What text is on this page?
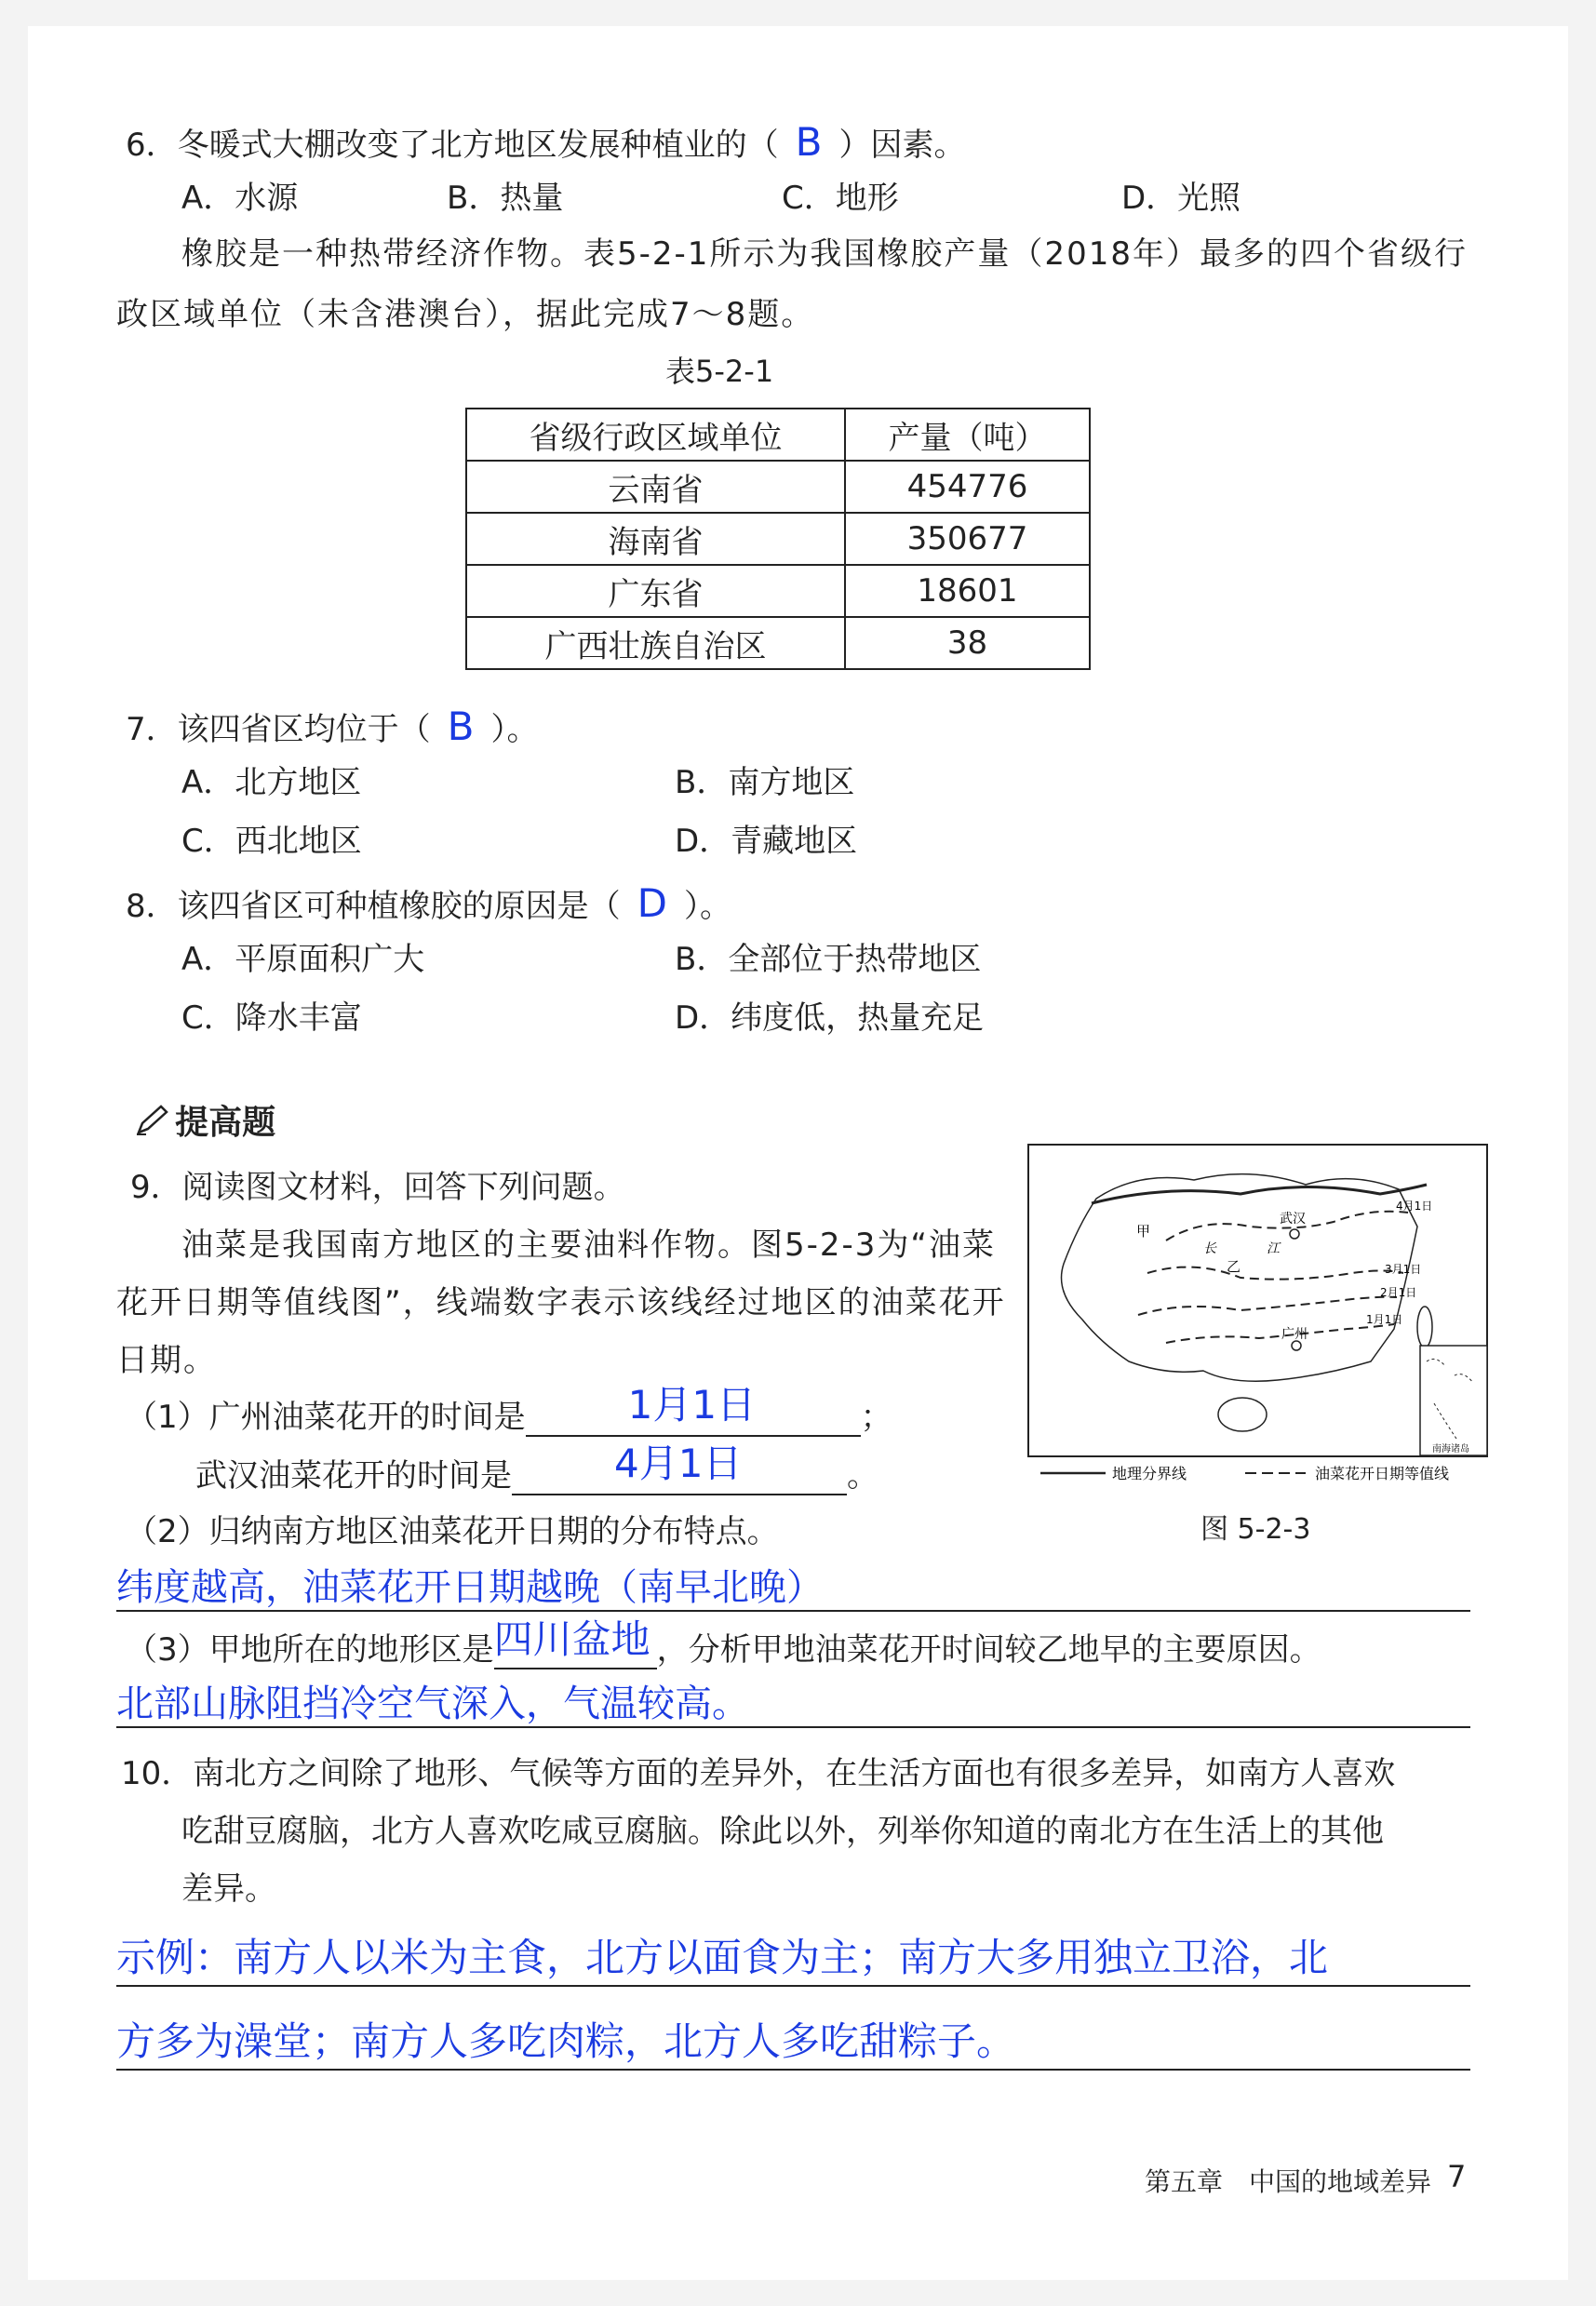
6．冬暖式大棚改变了北方地区发展种植业的（ B ）因素。
A．水源	B．热量	C．地形	D．光照
橡胶是一种热带经济作物。表5-2-1所示为我国橡胶产量（2018年）最多的四个省级行
政区域单位（未含港澳台），据此完成7～8题。
表5-2-1
省级行政区域单位	产量（吨）
云南省	454776
海南省	350677
广东省	18601
广西壮族自治区	38
7．该四省区均位于（ B ）。
A．北方地区	B．南方地区
C．西北地区	D．青藏地区
8．该四省区可种植橡胶的原因是（ D ）。
A．平原面积广大	B．全部位于热带地区
C．降水丰富	D．纬度低，热量充足
提高题
9．阅读图文材料，回答下列问题。
油菜是我国南方地区的主要油料作物。图5-2-3为“油菜
花开日期等值线图”，线端数字表示该线经过地区的油菜花开
日期。
（1）广州油菜花开的时间是	1月1日	；
武汉油菜花开的时间是	4月1日	。
武汉
广州
甲
乙
长	江
4月1日
3月1日
2月1日
1月1日
南海诸岛
地理分界线	油菜花开日期等值线
图 5-2-3
（2）归纳南方地区油菜花开日期的分布特点。
纬度越高，油菜花开日期越晚（南早北晚）
（3）甲地所在的地形区是 四川盆地 ，分析甲地油菜花开时间较乙地早的主要原因。
北部山脉阻挡冷空气深入，气温较高。
10．南北方之间除了地形、气候等方面的差异外，在生活方面也有很多差异，如南方人喜欢
吃甜豆腐脑，北方人喜欢吃咸豆腐脑。除此以外，列举你知道的南北方在生活上的其他
差异。
示例：南方人以米为主食，北方以面食为主；南方大多用独立卫浴，北
方多为澡堂；南方人多吃肉粽，北方人多吃甜粽子。
第五章　中国的地域差异 7
